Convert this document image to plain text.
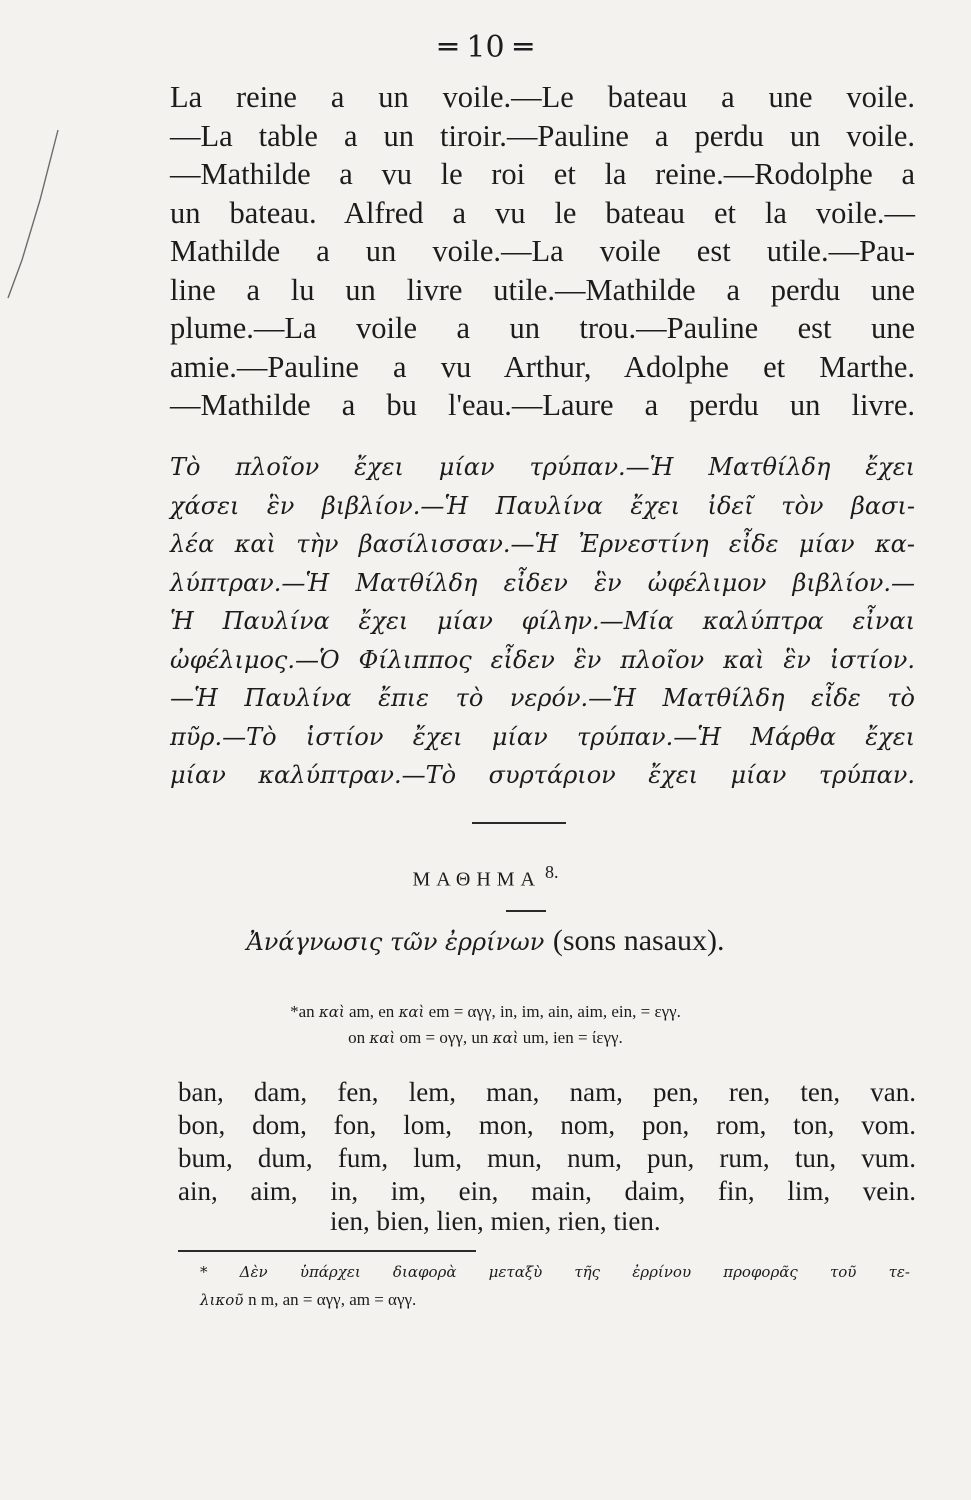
═ 10 ═
La reine a un voile.—Le bateau a une voile.
—La table a un tiroir.—Pauline a perdu un voile.
—Mathilde a vu le roi et la reine.—Rodolphe a
un bateau. Alfred a vu le bateau et la voile.—
Mathilde a un voile.—La voile est utile.—Pau-
line a lu un livre utile.—Mathilde a perdu une
plume.—La voile a un trou.—Pauline est une
amie.—Pauline a vu Arthur, Adolphe et Marthe.
—Mathilde a bu l'eau.—Laure a perdu un livre.
Τὸ πλοῖον ἔχει μίαν τρύπαν.—Ἡ Ματθίλδη ἔχει
χάσει ἓν βιβλίον.—Ἡ Παυλίνα ἔχει ἰδεῖ τὸν βασι-
λέα καὶ τὴν βασίλισσαν.—Ἡ Ἐρνεστίνη εἶδε μίαν κα-
λύπτραν.—Ἡ Ματθίλδη εἶδεν ἓν ὠφέλιμον βιβλίον.—
Ἡ Παυλίνα ἔχει μίαν φίλην.—Μία καλύπτρα εἶναι
ὠφέλιμος.—Ὁ Φίλιππος εἶδεν ἓν πλοῖον καὶ ἓν ἱστίον.
—Ἡ Παυλίνα ἔπιε τὸ νερόν.—Ἡ Ματθίλδη εἶδε τὸ
πῦρ.—Τὸ ἱστίον ἔχει μίαν τρύπαν.—Ἡ Μάρθα ἔχει
μίαν καλύπτραν.—Τὸ συρτάριον ἔχει μίαν τρύπαν.
ΜΑΘΗΜΑ $^{8.}$
Ἀνάγνωσις τῶν ἐρρίνων (sons nasaux).
*an καὶ am, en καὶ em = αγγ, in, im, ain, aim, ein, = εγγ.
on καὶ om = ογγ, un καὶ um, ien = ίεγγ.
ban, dam, fen, lem, man, nam, pen, ren, ten, van.
bon, dom, fon, lom, mon, nom, pon, rom, ton, vom.
bum, dum, fum, lum, mun, num, pun, rum, tun, vum.
ain, aim, in, im, ein, main, daim, fin, lim, vein.
ien, bien, lien, mien, rien, tien.
* Δὲν ὑπάρχει διαφορὰ μεταξὺ τῆς ἐρρίνου προφορᾶς τοῦ τε-
λικοῦ n m, an = αγγ, am = αγγ.
